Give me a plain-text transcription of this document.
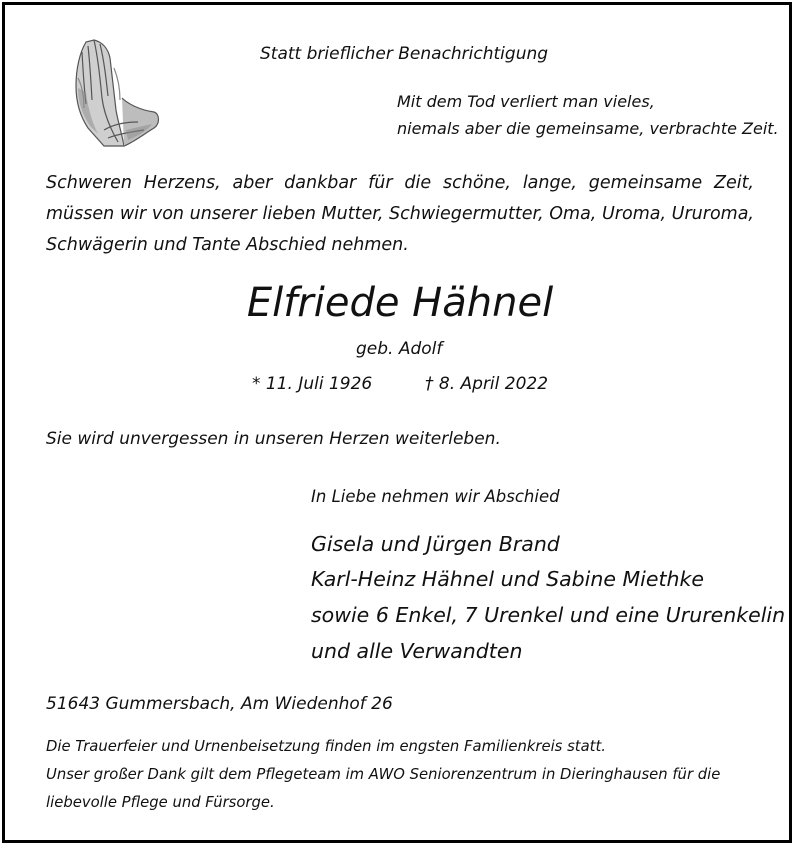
Statt brieflicher Benachrichtigung
Mit dem Tod verliert man vieles,
niemals aber die gemeinsame, verbrachte Zeit.
Schweren Herzens, aber dankbar für die schöne, lange, gemeinsame Zeit, müssen wir von unserer lieben Mutter, Schwiegermutter, Oma, Uroma, Ururoma, Schwägerin und Tante Abschied nehmen.
Elfriede Hähnel
geb. Adolf
* 11. Juli 1926	† 8. April 2022
Sie wird unvergessen in unseren Herzen weiterleben.
In Liebe nehmen wir Abschied
Gisela und Jürgen Brand
Karl-Heinz Hähnel und Sabine Miethke
sowie 6 Enkel, 7 Urenkel und eine Ururenkelin
und alle Verwandten
51643 Gummersbach, Am Wiedenhof 26
Die Trauerfeier und Urnenbeisetzung finden im engsten Familienkreis statt.
Unser großer Dank gilt dem Pflegeteam im AWO Seniorenzentrum in Dieringhausen für die liebevolle Pflege und Fürsorge.
